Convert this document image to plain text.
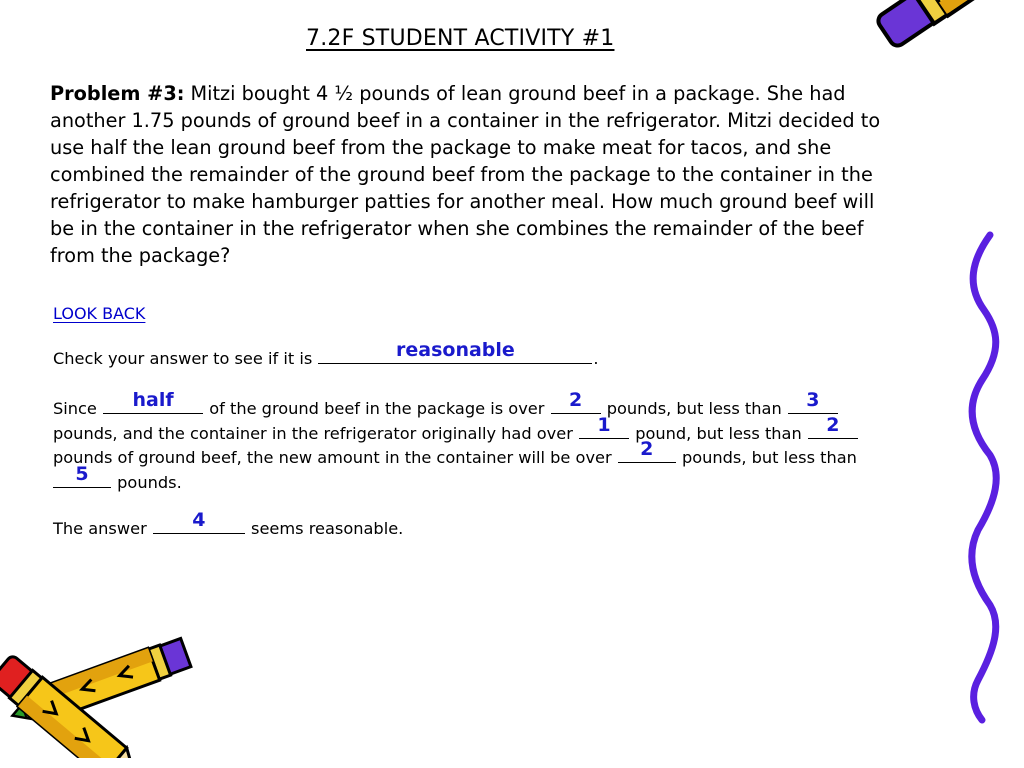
7.2F STUDENT ACTIVITY #1

Problem #3: Mitzi bought 4 ½ pounds of lean ground beef in a package. She had another 1.75 pounds of ground beef in a container in the refrigerator. Mitzi decided to use half the lean ground beef from the package to make meat for tacos, and she combined the remainder of the ground beef from the package to the container in the refrigerator to make hamburger patties for another meal. How much ground beef will be in the container in the refrigerator when she combines the remainder of the beef from the package?

LOOK BACK
Check your answer to see if it is	reasonable	.
Since	half	of the ground beef in the package is over	2	pounds, but less than	3
pounds, and the container in the refrigerator originally had over	1	pound, but less than	2
pounds of ground beef, the new amount in the container will be over	2	pounds, but less than
5	pounds.
The answer	4	seems reasonable.
